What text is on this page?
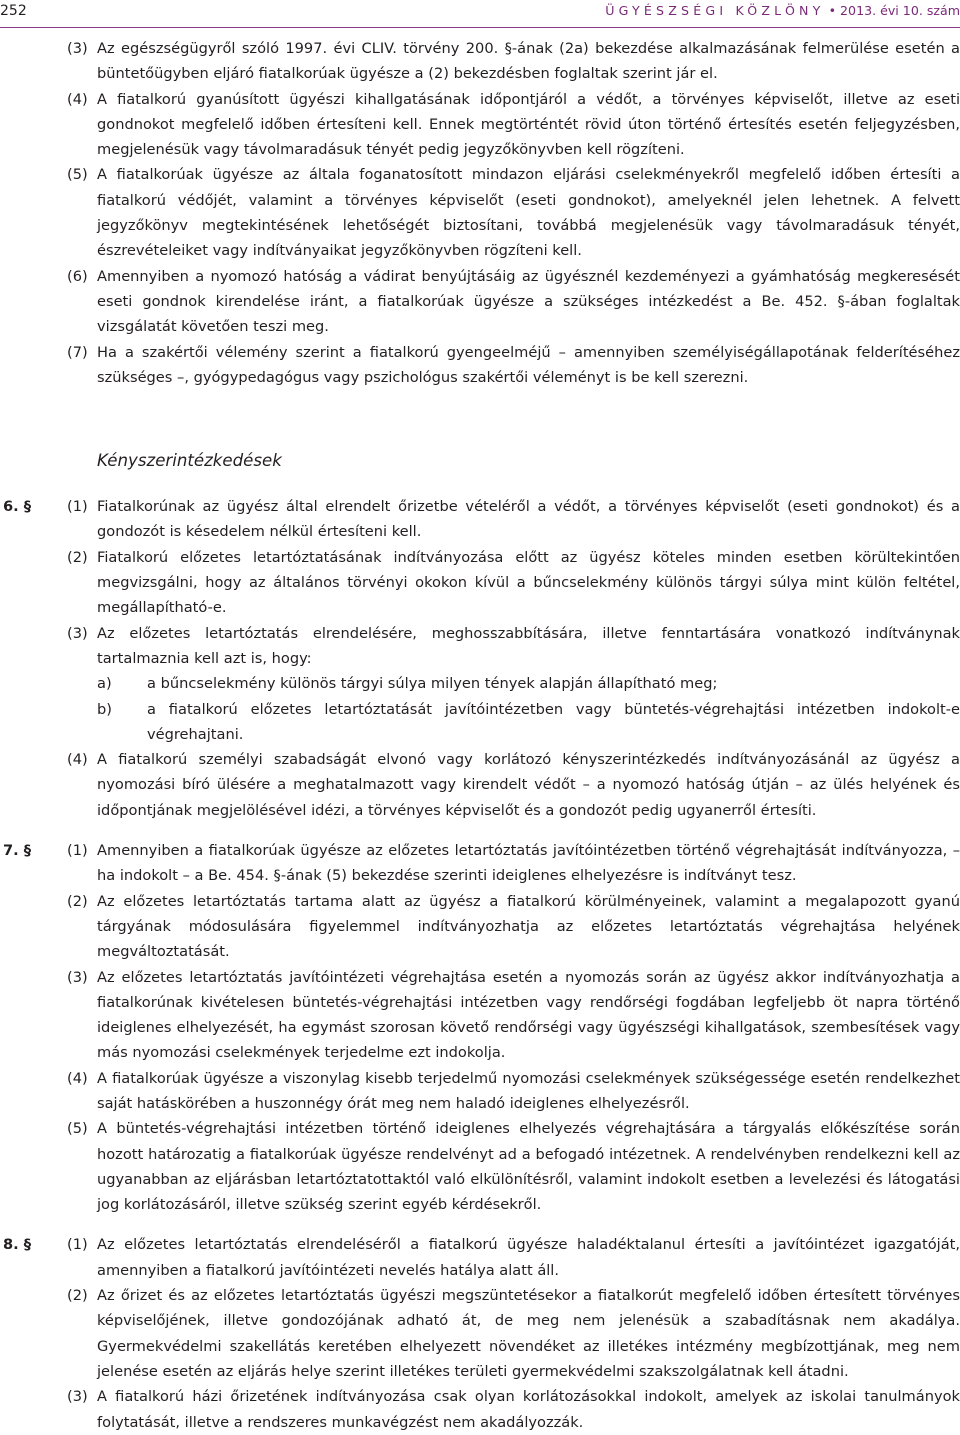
252	ÜGYÉSZSÉGI KÖZLÖNY • 2013. évi 10. szám
(3) Az egészségügyről szóló 1997. évi CLIV. törvény 200. §-ának (2a) bekezdése alkalmazásának felmerülése esetén a büntetőügyben eljáró fiatalkorúak ügyésze a (2) bekezdésben foglaltak szerint jár el.
(4) A fiatalkorú gyanúsított ügyészi kihallgatásának időpontjáról a védőt, a törvényes képviselőt, illetve az eseti gondnokot megfelelő időben értesíteni kell. Ennek megtörténtét rövid úton történő értesítés esetén feljegyzésben, megjelenésük vagy távolmaradásuk tényét pedig jegyzőkönyvben kell rögzíteni.
(5) A fiatalkorúak ügyésze az általa foganatosított mindazon eljárási cselekményekről megfelelő időben értesíti a fiatalkorú védőjét, valamint a törvényes képviselőt (eseti gondnokot), amelyeknél jelen lehetnek. A felvett jegyzőkönyv megtekintésének lehetőségét biztosítani, továbbá megjelenésük vagy távolmaradásuk tényét, észrevételeiket vagy indítványaikat jegyzőkönyvben rögzíteni kell.
(6) Amennyiben a nyomozó hatóság a vádirat benyújtásáig az ügyésznél kezdeményezi a gyámhatóság megkeresését eseti gondnok kirendelése iránt, a fiatalkorúak ügyésze a szükséges intézkedést a Be. 452. §-ában foglaltak vizsgálatát követően teszi meg.
(7) Ha a szakértői vélemény szerint a fiatalkorú gyengeelméjű – amennyiben személyiségállapotának felderítéséhez szükséges –, gyógypedagógus vagy pszichológus szakértői véleményt is be kell szerezni.
Kényszerintézkedések
6. § (1) Fiatalkorúnak az ügyész által elrendelt őrizetbe vételéről a védőt, a törvényes képviselőt (eseti gondnokot) és a gondozót is késedelem nélkül értesíteni kell.
(2) Fiatalkorú előzetes letartóztatásának indítványozása előtt az ügyész köteles minden esetben körültekintően megvizsgálni, hogy az általános törvényi okokon kívül a bűncselekmény különös tárgyi súlya mint külön feltétel, megállapítható-e.
(3) Az előzetes letartóztatás elrendelésére, meghosszabbítására, illetve fenntartására vonatkozó indítványnak tartalmaznia kell azt is, hogy:
a) a bűncselekmény különös tárgyi súlya milyen tények alapján állapítható meg;
b) a fiatalkorú előzetes letartóztatását javítóintézetben vagy büntetés-végrehajtási intézetben indokolt-e végrehajtani.
(4) A fiatalkorú személyi szabadságát elvonó vagy korlátozó kényszerintézkedés indítványozásánál az ügyész a nyomozási bíró ülésére a meghatalmazott vagy kirendelt védőt – a nyomozó hatóság útján – az ülés helyének és időpontjának megjelölésével idézi, a törvényes képviselőt és a gondozót pedig ugyanerről értesíti.
7. § (1) Amennyiben a fiatalkorúak ügyésze az előzetes letartóztatás javítóintézetben történő végrehajtását indítványozza, – ha indokolt – a Be. 454. §-ának (5) bekezdése szerinti ideiglenes elhelyezésre is indítványt tesz.
(2) Az előzetes letartóztatás tartama alatt az ügyész a fiatalkorú körülményeinek, valamint a megalapozott gyanú tárgyának módosulására figyelemmel indítványozhatja az előzetes letartóztatás végrehajtása helyének megváltoztatását.
(3) Az előzetes letartóztatás javítóintézeti végrehajtása esetén a nyomozás során az ügyész akkor indítványozhatja a fiatalkorúnak kivételesen büntetés-végrehajtási intézetben vagy rendőrségi fogdában legfeljebb öt napra történő ideiglenes elhelyezését, ha egymást szorosan követő rendőrségi vagy ügyészségi kihallgatások, szembesítések vagy más nyomozási cselekmények terjedelme ezt indokolja.
(4) A fiatalkorúak ügyésze a viszonylag kisebb terjedelmű nyomozási cselekmények szükségessége esetén rendelkezhet saját hatáskörében a huszonnégy órát meg nem haladó ideiglenes elhelyezésről.
(5) A büntetés-végrehajtási intézetben történő ideiglenes elhelyezés végrehajtására a tárgyalás előkészítése során hozott határozatig a fiatalkorúak ügyésze rendelvényt ad a befogadó intézetnek. A rendelvényben rendelkezni kell az ugyanabban az eljárásban letartóztatottaktól való elkülönítésről, valamint indokolt esetben a levelezési és látogatási jog korlátozásáról, illetve szükség szerint egyéb kérdésekről.
8. § (1) Az előzetes letartóztatás elrendeléséről a fiatalkorú ügyésze haladéktalanul értesíti a javítóintézet igazgatóját, amennyiben a fiatalkorú javítóintézeti nevelés hatálya alatt áll.
(2) Az őrizet és az előzetes letartóztatás ügyészi megszüntetésekor a fiatalkorút megfelelő időben értesített törvényes képviselőjének, illetve gondozójának adható át, de meg nem jelenésük a szabadításnak nem akadálya. Gyermekvédelmi szakellátás keretében elhelyezett növendéket az illetékes intézmény megbízottjának, meg nem jelenése esetén az eljárás helye szerint illetékes területi gyermekvédelmi szakszolgálatnak kell átadni.
(3) A fiatalkorú házi őrizetének indítványozása csak olyan korlátozásokkal indokolt, amelyek az iskolai tanulmányok folytatását, illetve a rendszeres munkavégzést nem akadályozzák.
